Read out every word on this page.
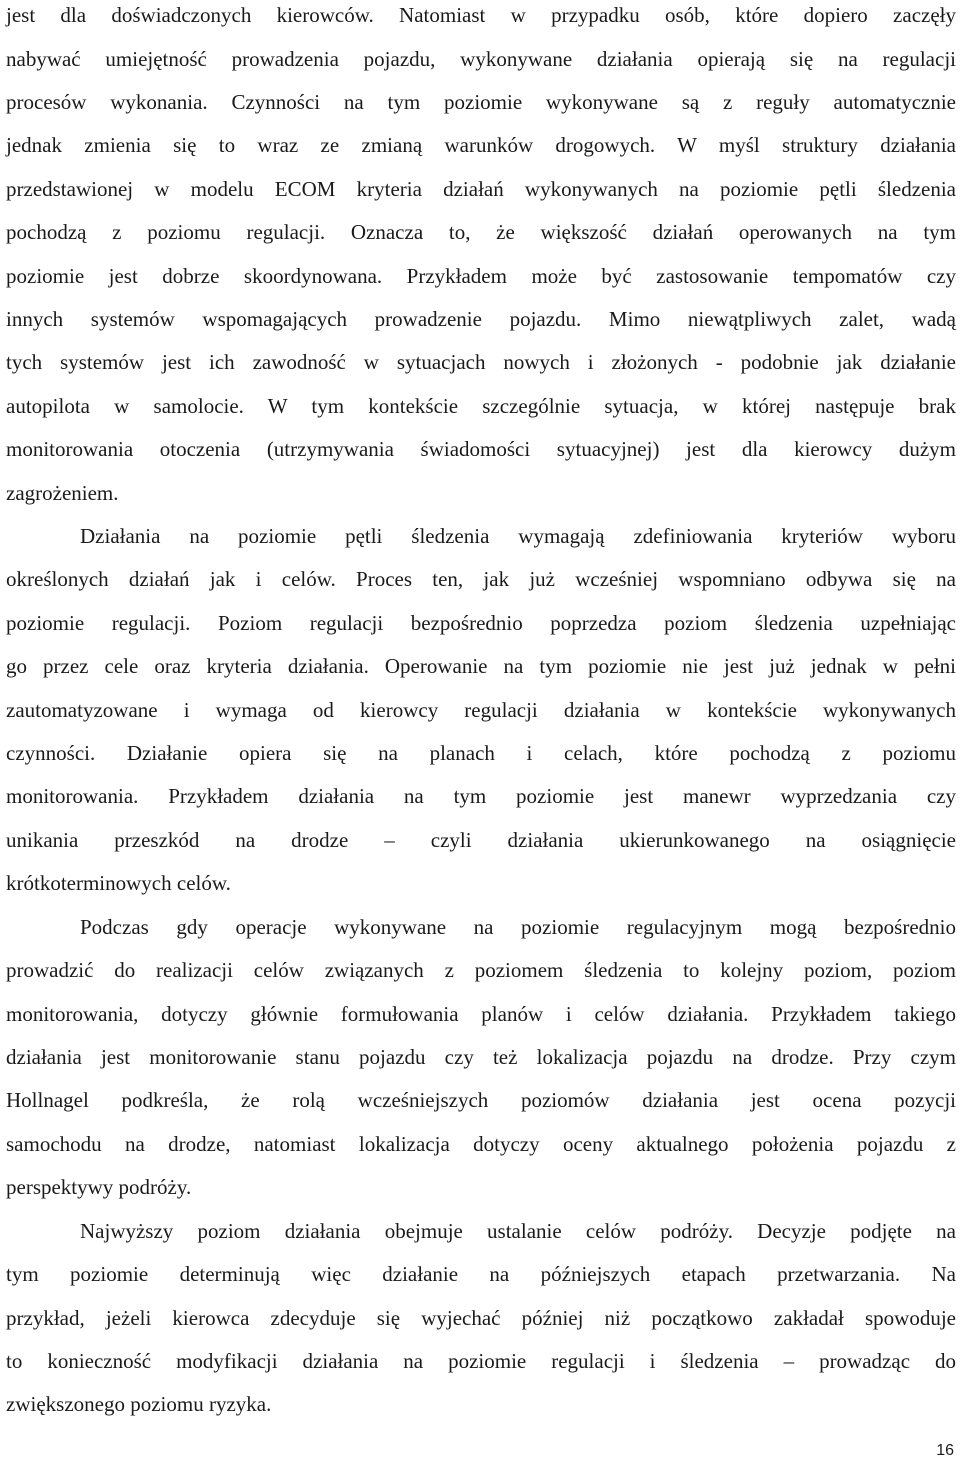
jest dla doświadczonych kierowców. Natomiast w przypadku osób, które dopiero zaczęły
nabywać umiejętność prowadzenia pojazdu, wykonywane działania opierają się na regulacji
procesów wykonania. Czynności na tym poziomie wykonywane są z reguły automatycznie
jednak zmienia się to wraz ze zmianą warunków drogowych. W myśl struktury działania
przedstawionej w modelu ECOM kryteria działań wykonywanych na poziomie pętli śledzenia
pochodzą z poziomu regulacji. Oznacza to, że większość działań operowanych na tym
poziomie jest dobrze skoordynowana. Przykładem może być zastosowanie tempomatów czy
innych systemów wspomagających prowadzenie pojazdu. Mimo niewątpliwych zalet, wadą
tych systemów jest ich zawodność w sytuacjach nowych i złożonych - podobnie jak działanie
autopilota w samolocie. W tym kontekście szczególnie sytuacja, w której następuje brak
monitorowania otoczenia (utrzymywania świadomości sytuacyjnej) jest dla kierowcy dużym
zagrożeniem.
Działania na poziomie pętli śledzenia wymagają zdefiniowania kryteriów wyboru
określonych działań jak i celów. Proces ten, jak już wcześniej wspomniano odbywa się na
poziomie regulacji. Poziom regulacji bezpośrednio poprzedza poziom śledzenia uzpełniając
go przez cele oraz kryteria działania. Operowanie na tym poziomie nie jest już jednak w pełni
zautomatyzowane i wymaga od kierowcy regulacji działania w kontekście wykonywanych
czynności. Działanie opiera się na planach i celach, które pochodzą z poziomu
monitorowania. Przykładem działania na tym poziomie jest manewr wyprzedzania czy
unikania przeszkód na drodze – czyli działania ukierunkowanego na osiągnięcie
krótkoterminowych celów.
Podczas gdy operacje wykonywane na poziomie regulacyjnym mogą bezpośrednio
prowadzić do realizacji celów związanych z poziomem śledzenia to kolejny poziom, poziom
monitorowania, dotyczy głównie formułowania planów i celów działania. Przykładem takiego
działania jest monitorowanie stanu pojazdu czy też lokalizacja pojazdu na drodze. Przy czym
Hollnagel podkreśla, że rolą wcześniejszych poziomów działania jest ocena pozycji
samochodu na drodze, natomiast lokalizacja dotyczy oceny aktualnego położenia pojazdu z
perspektywy podróży.
Najwyższy poziom działania obejmuje ustalanie celów podróży. Decyzje podjęte na
tym poziomie determinują więc działanie na późniejszych etapach przetwarzania. Na
przykład, jeżeli kierowca zdecyduje się wyjechać później niż początkowo zakładał spowoduje
to konieczność modyfikacji działania na poziomie regulacji i śledzenia – prowadząc do
zwiększonego poziomu ryzyka.
16
